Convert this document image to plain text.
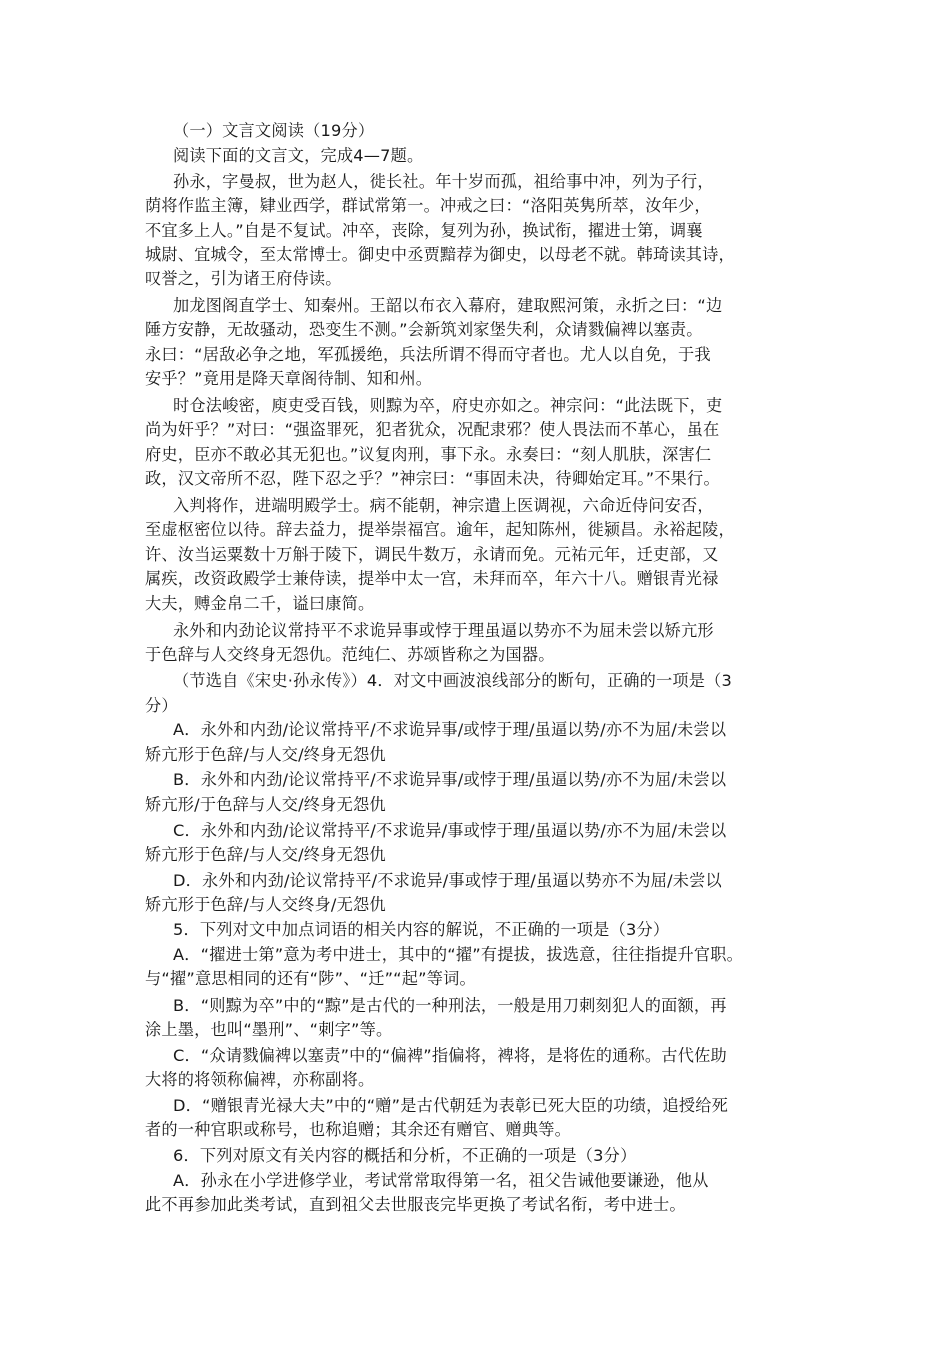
（一）文言文阅读（19分）

阅读下面的文言文，完成4—7题。

孙永，字曼叔，世为赵人，徙长社。年十岁而孤，祖给事中冲，列为子行，

荫将作监主簿，肄业西学，群试常第一。冲戒之曰：“洛阳英隽所萃，汝年少，

不宜多上人。”自是不复试。冲卒，丧除，复列为孙，换试衔，擢进士第，调襄

城尉、宜城令，至太常博士。御史中丞贾黯荐为御史，以母老不就。韩琦读其诗，

叹誉之，引为诸王府侍读。

加龙图阁直学士、知秦州。王韶以布衣入幕府，建取熙河策，永折之曰：“边

陲方安静，无故骚动，恐变生不测。”会新筑刘家堡失利，众请戮偏裨以塞责。

永曰：“居敌必争之地，军孤援绝，兵法所谓不得而守者也。尤人以自免，于我

安乎？”竟用是降天章阁待制、知和州。

时仓法峻密，庾吏受百钱，则黥为卒，府史亦如之。神宗问：“此法既下，吏

尚为奸乎？”对曰：“强盗罪死，犯者犹众，况配隶邪？使人畏法而不革心，虽在

府史，臣亦不敢必其无犯也。”议复肉刑，事下永。永奏曰：“刻人肌肤，深害仁

政，汉文帝所不忍，陛下忍之乎？”神宗曰：“事固未决，待卿始定耳。”不果行。

入判将作，进端明殿学士。病不能朝，神宗遣上医调视，六命近侍问安否，

至虚枢密位以待。辞去益力，提举崇福宫。逾年，起知陈州，徙颍昌。永裕起陵，

许、汝当运粟数十万斛于陵下，调民牛数万，永请而免。元祐元年，迁吏部，又

属疾，改资政殿学士兼侍读，提举中太一宫，未拜而卒，年六十八。赠银青光禄

大夫，赙金帛二千，谥曰康简。

永外和内劲论议常持平不求诡异事或悖于理虽逼以势亦不为屈未尝以矫亢形

于色辞与人交终身无怨仇。范纯仁、苏颂皆称之为国器。

（节选自《宋史·孙永传》）4．对文中画波浪线部分的断句，正确的一项是（3

分）

A．永外和内劲/论议常持平/不求诡异事/或悖于理/虽逼以势/亦不为屈/未尝以

矫亢形于色辞/与人交/终身无怨仇

B．永外和内劲/论议常持平/不求诡异事/或悖于理/虽逼以势/亦不为屈/未尝以

矫亢形/于色辞与人交/终身无怨仇

C．永外和内劲/论议常持平/不求诡异/事或悖于理/虽逼以势/亦不为屈/未尝以

矫亢形于色辞/与人交/终身无怨仇

D．永外和内劲/论议常持平/不求诡异/事或悖于理/虽逼以势亦不为屈/未尝以

矫亢形于色辞/与人交终身/无怨仇

5．下列对文中加点词语的相关内容的解说，不正确的一项是（3分）

A．“擢进士第”意为考中进士，其中的“擢”有提拔，拔选意，往往指提升官职。

与“擢”意思相同的还有“陟”、“迁”“起”等词。

B．“则黥为卒”中的“黥”是古代的一种刑法，一般是用刀刺刻犯人的面额，再

涂上墨，也叫“墨刑”、“刺字”等。

C．“众请戮偏裨以塞责”中的“偏裨”指偏将，裨将，是将佐的通称。古代佐助

大将的将领称偏裨，亦称副将。

D．“赠银青光禄大夫”中的“赠”是古代朝廷为表彰已死大臣的功绩，追授给死

者的一种官职或称号，也称追赠；其余还有赠官、赠典等。

6．下列对原文有关内容的概括和分析，不正确的一项是（3分）

A．孙永在小学进修学业，考试常常取得第一名，祖父告诫他要谦逊，他从

此不再参加此类考试，直到祖父去世服丧完毕更换了考试名衔，考中进士。
